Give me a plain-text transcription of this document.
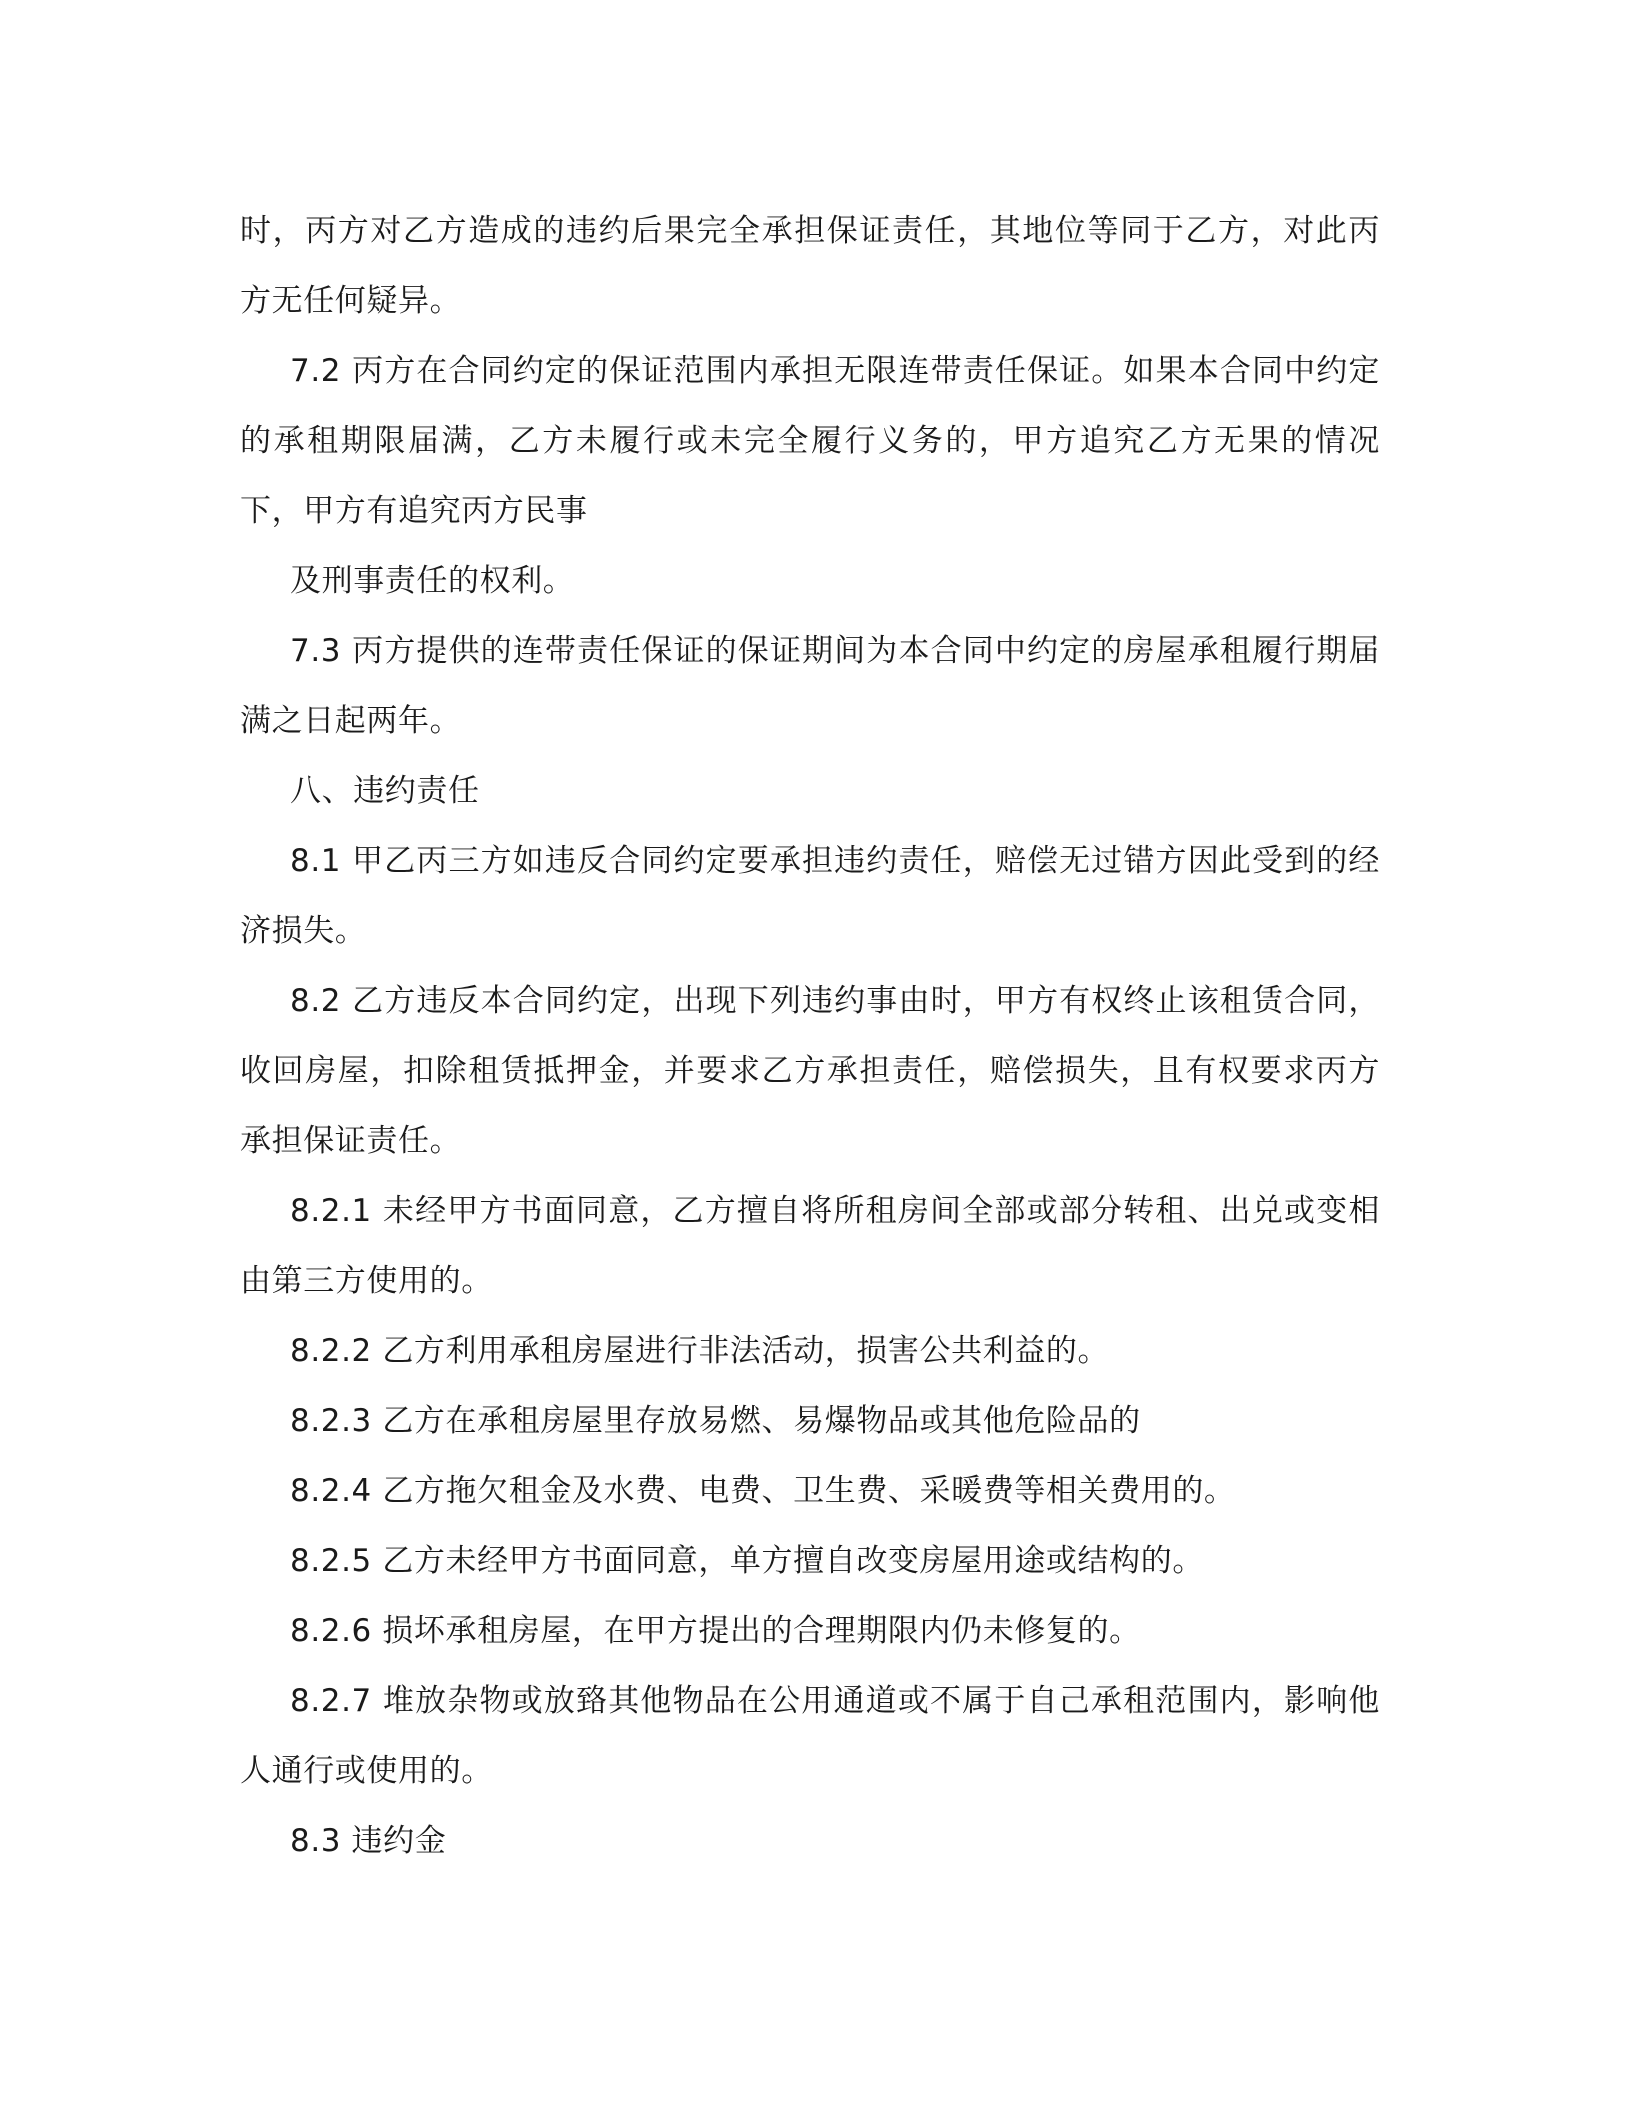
时，丙方对乙方造成的违约后果完全承担保证责任，其地位等同于乙方，对此丙
方无任何疑异。
7.2 丙方在合同约定的保证范围内承担无限连带责任保证。如果本合同中约定
的承租期限届满，乙方未履行或未完全履行义务的，甲方追究乙方无果的情况
下，甲方有追究丙方民事
及刑事责任的权利。
7.3 丙方提供的连带责任保证的保证期间为本合同中约定的房屋承租履行期届
满之日起两年。
八、违约责任
8.1 甲乙丙三方如违反合同约定要承担违约责任，赔偿无过错方因此受到的经
济损失。
8.2 乙方违反本合同约定，出现下列违约事由时，甲方有权终止该租赁合同，
收回房屋，扣除租赁抵押金，并要求乙方承担责任，赔偿损失，且有权要求丙方
承担保证责任。
8.2.1 未经甲方书面同意，乙方擅自将所租房间全部或部分转租、出兑或变相
由第三方使用的。
8.2.2 乙方利用承租房屋进行非法活动，损害公共利益的。
8.2.3 乙方在承租房屋里存放易燃、易爆物品或其他危险品的
8.2.4 乙方拖欠租金及水费、电费、卫生费、采暖费等相关费用的。
8.2.5 乙方未经甲方书面同意，单方擅自改变房屋用途或结构的。
8.2.6 损坏承租房屋，在甲方提出的合理期限内仍未修复的。
8.2.7 堆放杂物或放臵其他物品在公用通道或不属于自己承租范围内，影响他
人通行或使用的。
8.3 违约金
